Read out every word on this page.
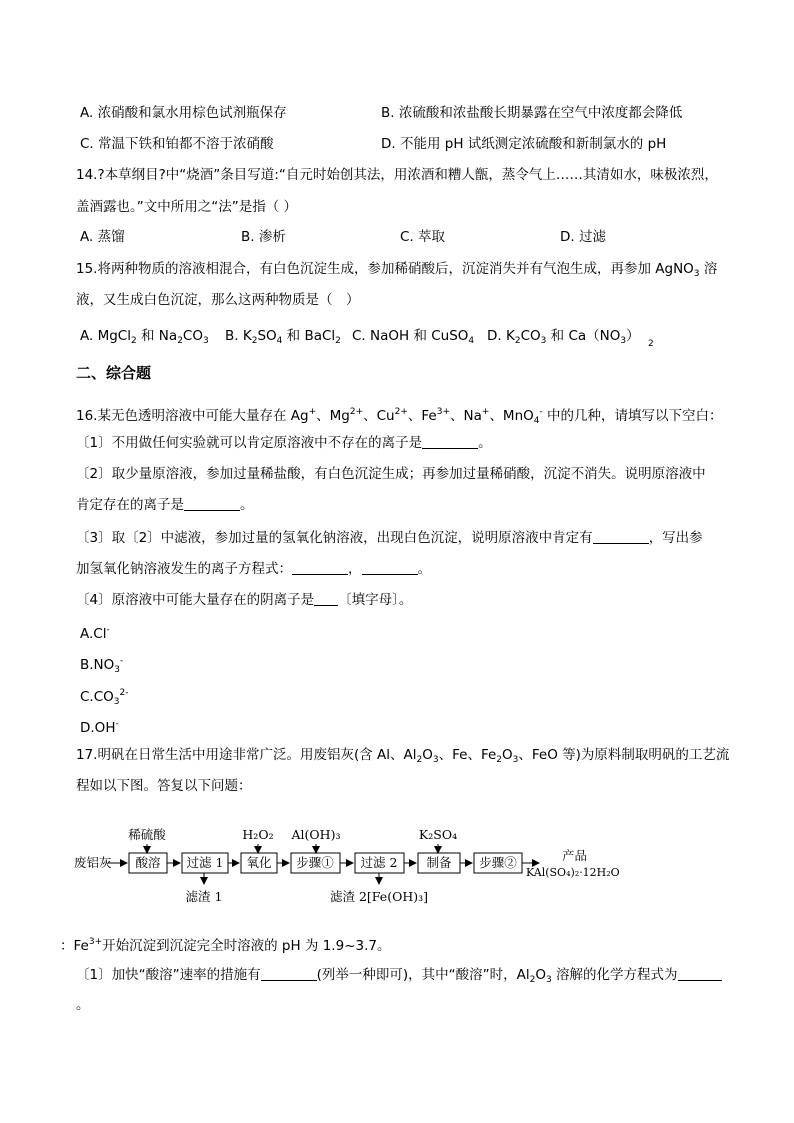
A. 浓硝酸和氯水用棕色试剂瓶保存	B. 浓硫酸和浓盐酸长期暴露在空气中浓度都会降低
C. 常温下铁和铂都不溶于浓硝酸	D. 不能用 pH 试纸测定浓硫酸和新制氯水的 pH
14.?本草纲目?中“烧酒”条目写道:“自元时始创其法，用浓酒和糟人甑，蒸令气上……其清如水，味极浓烈，
盖酒露也。”文中所用之“法”是指（ ）
A. 蒸馏	B. 渗析	C. 萃取	D. 过滤
15.将两种物质的溶液相混合，有白色沉淀生成，参加稀硝酸后，沉淀消失并有气泡生成，再参加 AgNO$_3$ 溶
液，又生成白色沉淀，那么这两种物质是（　）
A. MgCl$_2$ 和 $Na_2CO_3$ B. $K_2SO_4$ 和 BaCl$_2$ C. NaOH 和 CuSO$_4$ D. $K_2CO_3$ 和 $Ca(NO_3)$ 2
二、综合题
16.某无色透明溶液中可能大量存在 Ag+、$Mg^{2+}$、$Cu^{2+}$、$Fe^{3+}$、Na+、MnO$_4$- 中的几种，请填写以下空白：
〔1〕不用做任何实验就可以肯定原溶液中不存在的离子是	。
〔2〕取少量原溶液，参加过量稀盐酸，有白色沉淀生成；再参加过量稀硝酸，沉淀不消失。说明原溶液中
肯定存在的离子是	。
〔3〕取〔2〕中滤液，参加过量的氢氧化钠溶液，出现白色沉淀，说明原溶液中肯定有	，写出参
加氢氧化钠溶液发生的离子方程式：	，	。
〔4〕原溶液中可能大量存在的阴离子是 〔填字母〕。
A.Cl-
$B.NO_3^-$
$C.CO_3^{2-}$
D.OH-
17.明矾在日常生活中用途非常广泛。用废铝灰(含 Al、$Al_2O_3$、Fe、$Fe_2O_3$、FeO 等)为原料制取明矾的工艺流
程如以下图。答复以下问题：
废铝灰 酸溶 过滤 1 氧化 步骤① 过滤 2 制备 步骤②
稀硫酸	H₂O₂ Al(OH)₃	K₂SO₄
滤渣 1	滤渣 2[Fe(OH)₃]
产品
KAl(SO₄)₂·12H₂O
：$Fe^{3+}$开始沉淀到沉淀完全时溶液的 pH 为 1.9~3.7。
〔1〕加快“酸溶”速率的措施有	(列举一种即可)，其中“酸溶”时，$Al_2O_3$ 溶解的化学方程式为
。
